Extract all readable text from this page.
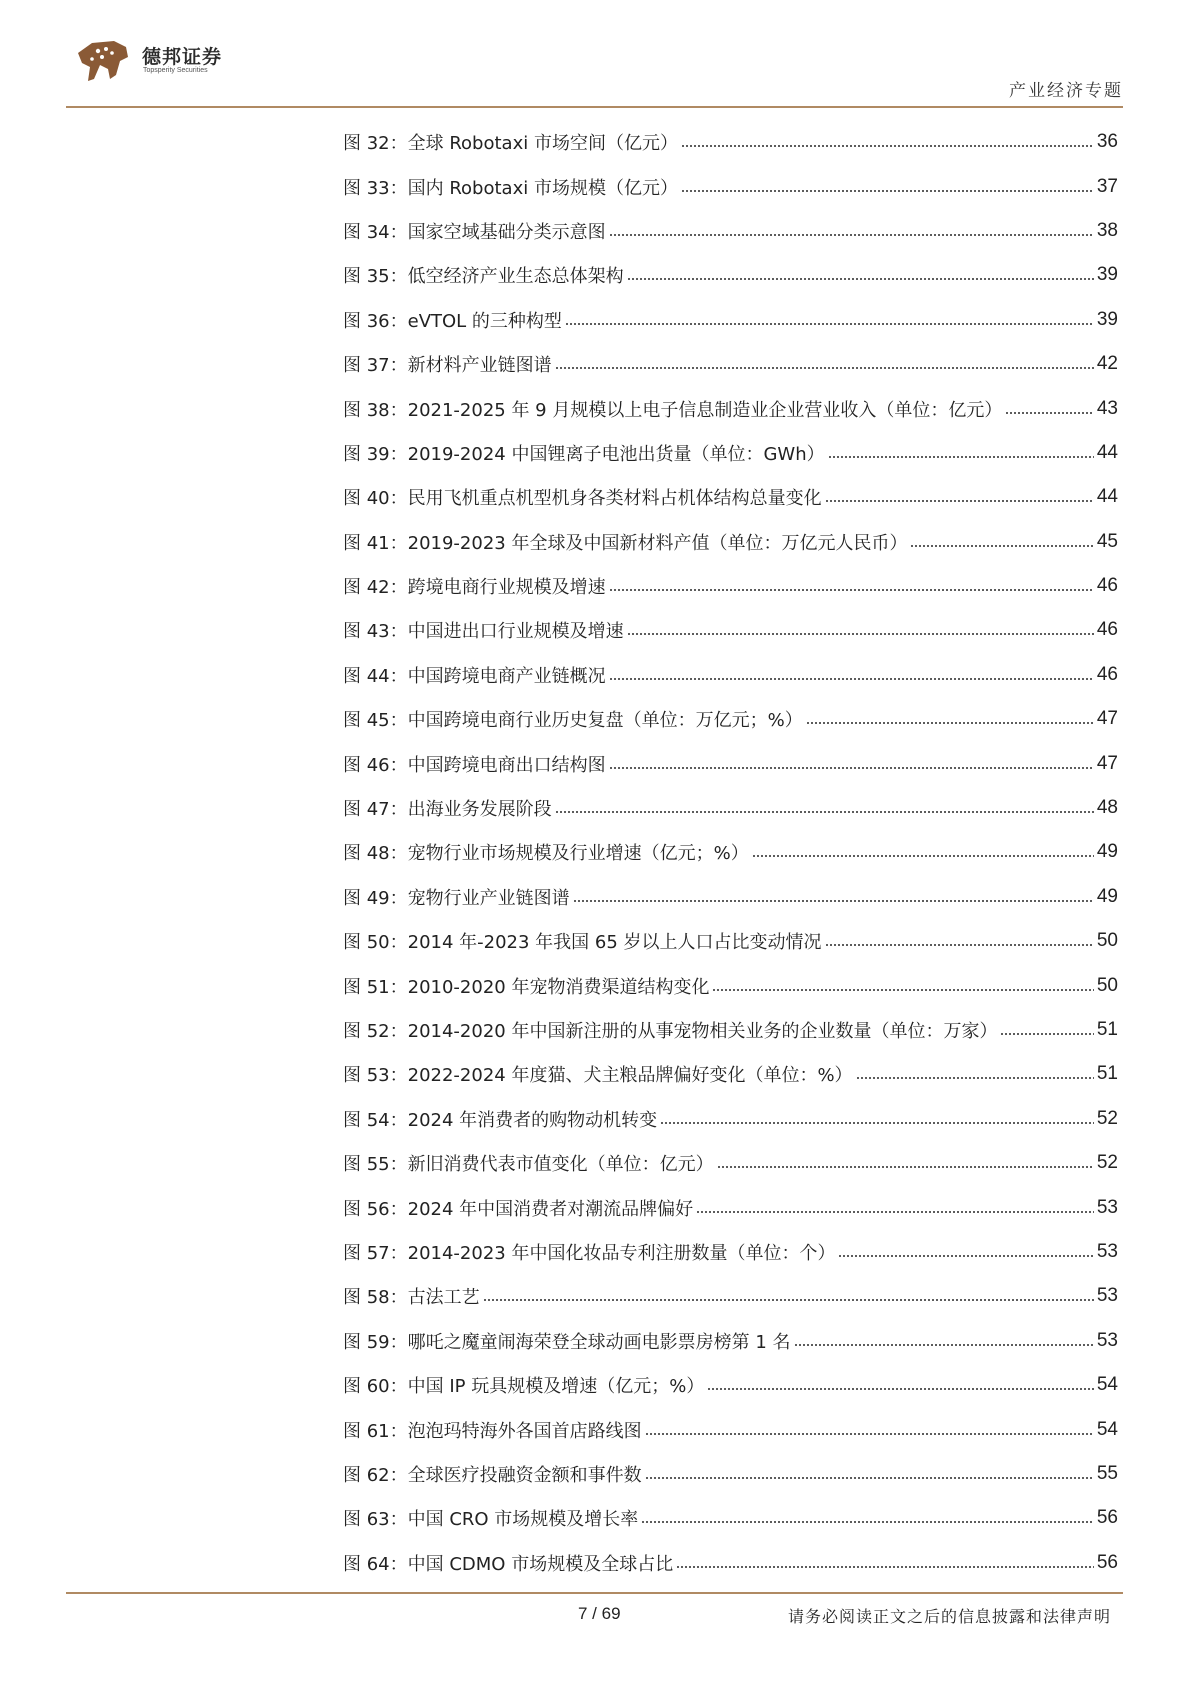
德邦证券
Topsperity Securities
产业经济专题
图 32：全球 Robotaxi 市场空间（亿元）	36
图 33：国内 Robotaxi 市场规模（亿元）	37
图 34：国家空域基础分类示意图	38
图 35：低空经济产业生态总体架构	39
图 36：eVTOL 的三种构型	39
图 37：新材料产业链图谱	42
图 38：2021-2025 年 9 月规模以上电子信息制造业企业营业收入（单位：亿元）	43
图 39：2019-2024 中国锂离子电池出货量（单位：GWh）	44
图 40：民用飞机重点机型机身各类材料占机体结构总量变化	44
图 41：2019-2023 年全球及中国新材料产值（单位：万亿元人民币）	45
图 42：跨境电商行业规模及增速	46
图 43：中国进出口行业规模及增速	46
图 44：中国跨境电商产业链概况	46
图 45：中国跨境电商行业历史复盘（单位：万亿元；%）	47
图 46：中国跨境电商出口结构图	47
图 47：出海业务发展阶段	48
图 48：宠物行业市场规模及行业增速（亿元；%）	49
图 49：宠物行业产业链图谱	49
图 50：2014 年-2023 年我国 65 岁以上人口占比变动情况	50
图 51：2010-2020 年宠物消费渠道结构变化	50
图 52：2014-2020 年中国新注册的从事宠物相关业务的企业数量（单位：万家）	51
图 53：2022-2024 年度猫、犬主粮品牌偏好变化（单位：%）	51
图 54：2024 年消费者的购物动机转变	52
图 55：新旧消费代表市值变化（单位：亿元）	52
图 56：2024 年中国消费者对潮流品牌偏好	53
图 57：2014-2023 年中国化妆品专利注册数量（单位：个）	53
图 58：古法工艺	53
图 59：哪吒之魔童闹海荣登全球动画电影票房榜第 1 名	53
图 60：中国 IP 玩具规模及增速（亿元；%）	54
图 61：泡泡玛特海外各国首店路线图	54
图 62：全球医疗投融资金额和事件数	55
图 63：中国 CRO 市场规模及增长率	56
图 64：中国 CDMO 市场规模及全球占比	56
7 / 69	请务必阅读正文之后的信息披露和法律声明
